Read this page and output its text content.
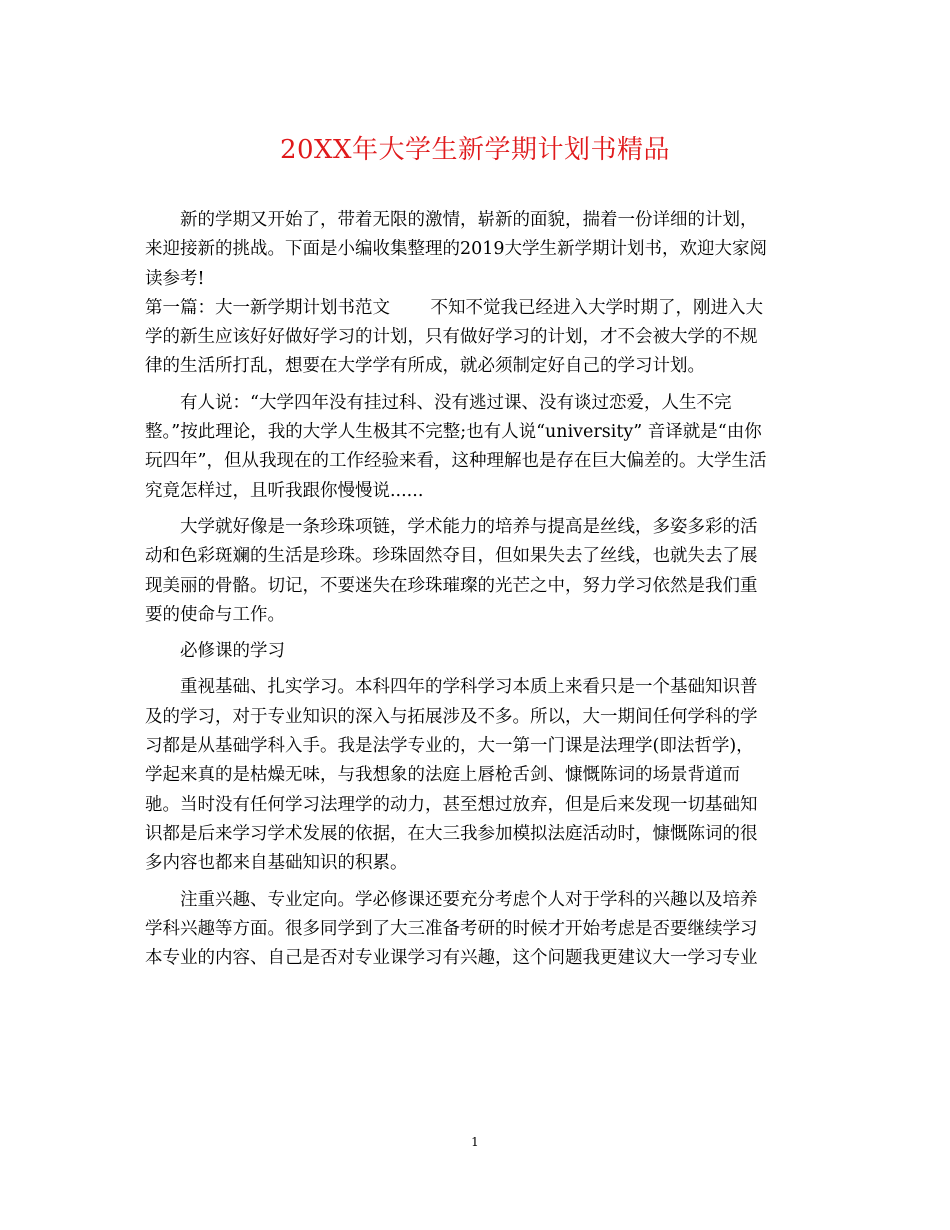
20XX年大学生新学期计划书精品
　　新的学期又开始了，带着无限的激情，崭新的面貌，揣着一份详细的计划，
来迎接新的挑战。下面是小编收集整理的2019大学生新学期计划书，欢迎大家阅
读参考!
第一篇：大一新学期计划书范文　　 不知不觉我已经进入大学时期了，刚进入大
学的新生应该好好做好学习的计划，只有做好学习的计划，才不会被大学的不规
律的生活所打乱，想要在大学学有所成，就必须制定好自己的学习计划。
　　有人说：“大学四年没有挂过科、没有逃过课、没有谈过恋爱，人生不完
整。”按此理论，我的大学人生极其不完整;也有人说“university” 音译就是“由你
玩四年”，但从我现在的工作经验来看，这种理解也是存在巨大偏差的。大学生活
究竟怎样过，且听我跟你慢慢说......
　　大学就好像是一条珍珠项链，学术能力的培养与提高是丝线，多姿多彩的活
动和色彩斑斓的生活是珍珠。珍珠固然夺目，但如果失去了丝线，也就失去了展
现美丽的骨骼。切记，不要迷失在珍珠璀璨的光芒之中，努力学习依然是我们重
要的使命与工作。
　　必修课的学习
　　重视基础、扎实学习。本科四年的学科学习本质上来看只是一个基础知识普
及的学习，对于专业知识的深入与拓展涉及不多。所以，大一期间任何学科的学
习都是从基础学科入手。我是法学专业的，大一第一门课是法理学(即法哲学)，
学起来真的是枯燥无味，与我想象的法庭上唇枪舌剑、慷慨陈词的场景背道而
驰。当时没有任何学习法理学的动力，甚至想过放弃，但是后来发现一切基础知
识都是后来学习学术发展的依据，在大三我参加模拟法庭活动时，慷慨陈词的很
多内容也都来自基础知识的积累。
　　注重兴趣、专业定向。学必修课还要充分考虑个人对于学科的兴趣以及培养
学科兴趣等方面。很多同学到了大三准备考研的时候才开始考虑是否要继续学习
本专业的内容、自己是否对专业课学习有兴趣，这个问题我更建议大一学习专业
1
